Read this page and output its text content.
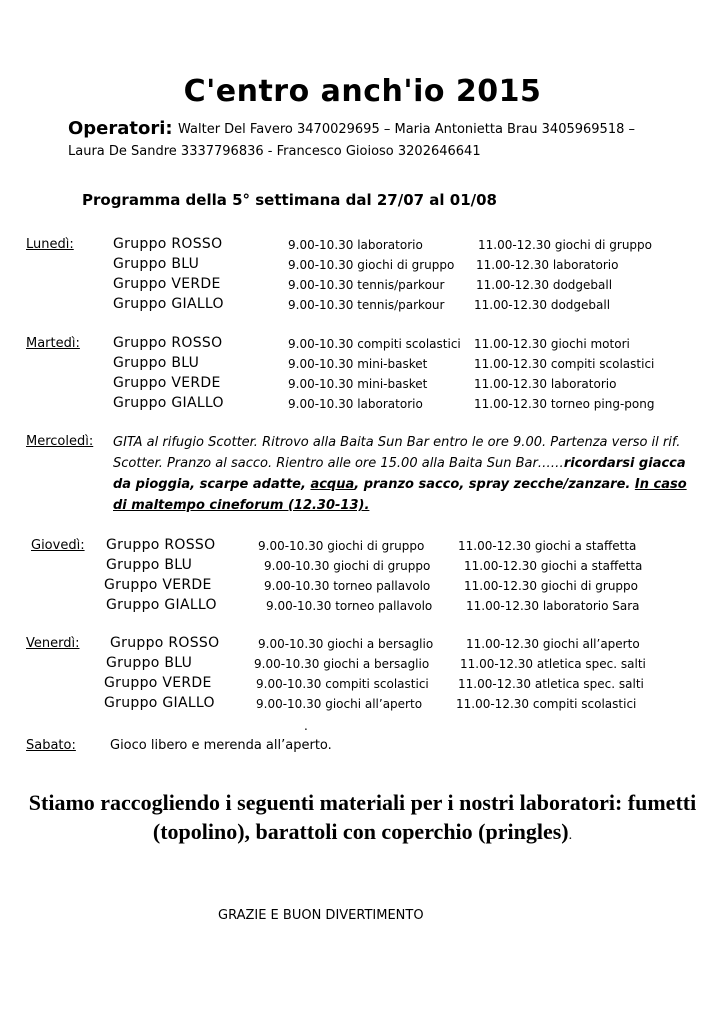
C'entro anch'io 2015
Operatori: Walter Del Favero 3470029695 – Maria Antonietta Brau 3405969518 –
Laura De Sandre 3337796836 - Francesco Gioioso 3202646641
Programma della 5° settimana dal 27/07 al 01/08
Lunedì:	Gruppo ROSSO	9.00-10.30 laboratorio	11.00-12.30 giochi di gruppo
Gruppo BLU	9.00-10.30 giochi di gruppo 11.00-12.30 laboratorio
Gruppo VERDE	9.00-10.30 tennis/parkour	11.00-12.30 dodgeball
Gruppo GIALLO	9.00-10.30 tennis/parkour 11.00-12.30 dodgeball
Martedì: Gruppo ROSSO	9.00-10.30 compiti scolastici 11.00-12.30 giochi motori
Gruppo BLU	9.00-10.30 mini-basket	11.00-12.30 compiti scolastici
Gruppo VERDE	9.00-10.30 mini-basket	11.00-12.30 laboratorio
Gruppo GIALLO	9.00-10.30 laboratorio	11.00-12.30 torneo ping-pong
Mercoledì: GITA al rifugio Scotter. Ritrovo alla Baita Sun Bar entro le ore 9.00. Partenza verso il rif. Scotter. Pranzo al sacco. Rientro alle ore 15.00 alla Baita Sun Bar……ricordarsi giacca da pioggia, scarpe adatte, acqua, pranzo sacco, spray zecche/zanzare. In caso di maltempo cineforum (12.30-13).
Giovedì: Gruppo ROSSO	9.00-10.30 giochi di gruppo	11.00-12.30 giochi a staffetta
Gruppo BLU	9.00-10.30 giochi di gruppo	11.00-12.30 giochi a staffetta
Gruppo VERDE	9.00-10.30 torneo pallavolo	11.00-12.30 giochi di gruppo
Gruppo GIALLO	9.00-10.30 torneo pallavolo	11.00-12.30 laboratorio Sara
Venerdì: Gruppo ROSSO	9.00-10.30 giochi a bersaglio	11.00-12.30 giochi all’aperto
Gruppo BLU	9.00-10.30 giochi a bersaglio	11.00-12.30 atletica spec. salti
Gruppo VERDE	9.00-10.30 compiti scolastici 11.00-12.30 atletica spec. salti
Gruppo GIALLO	9.00-10.30 giochi all’aperto	11.00-12.30 compiti scolastici
.
Sabato:	Gioco libero e merenda all’aperto.
Stiamo raccogliendo i seguenti materiali per i nostri laboratori: fumetti (topolino), barattoli con coperchio (pringles).
GRAZIE E BUON DIVERTIMENTO
